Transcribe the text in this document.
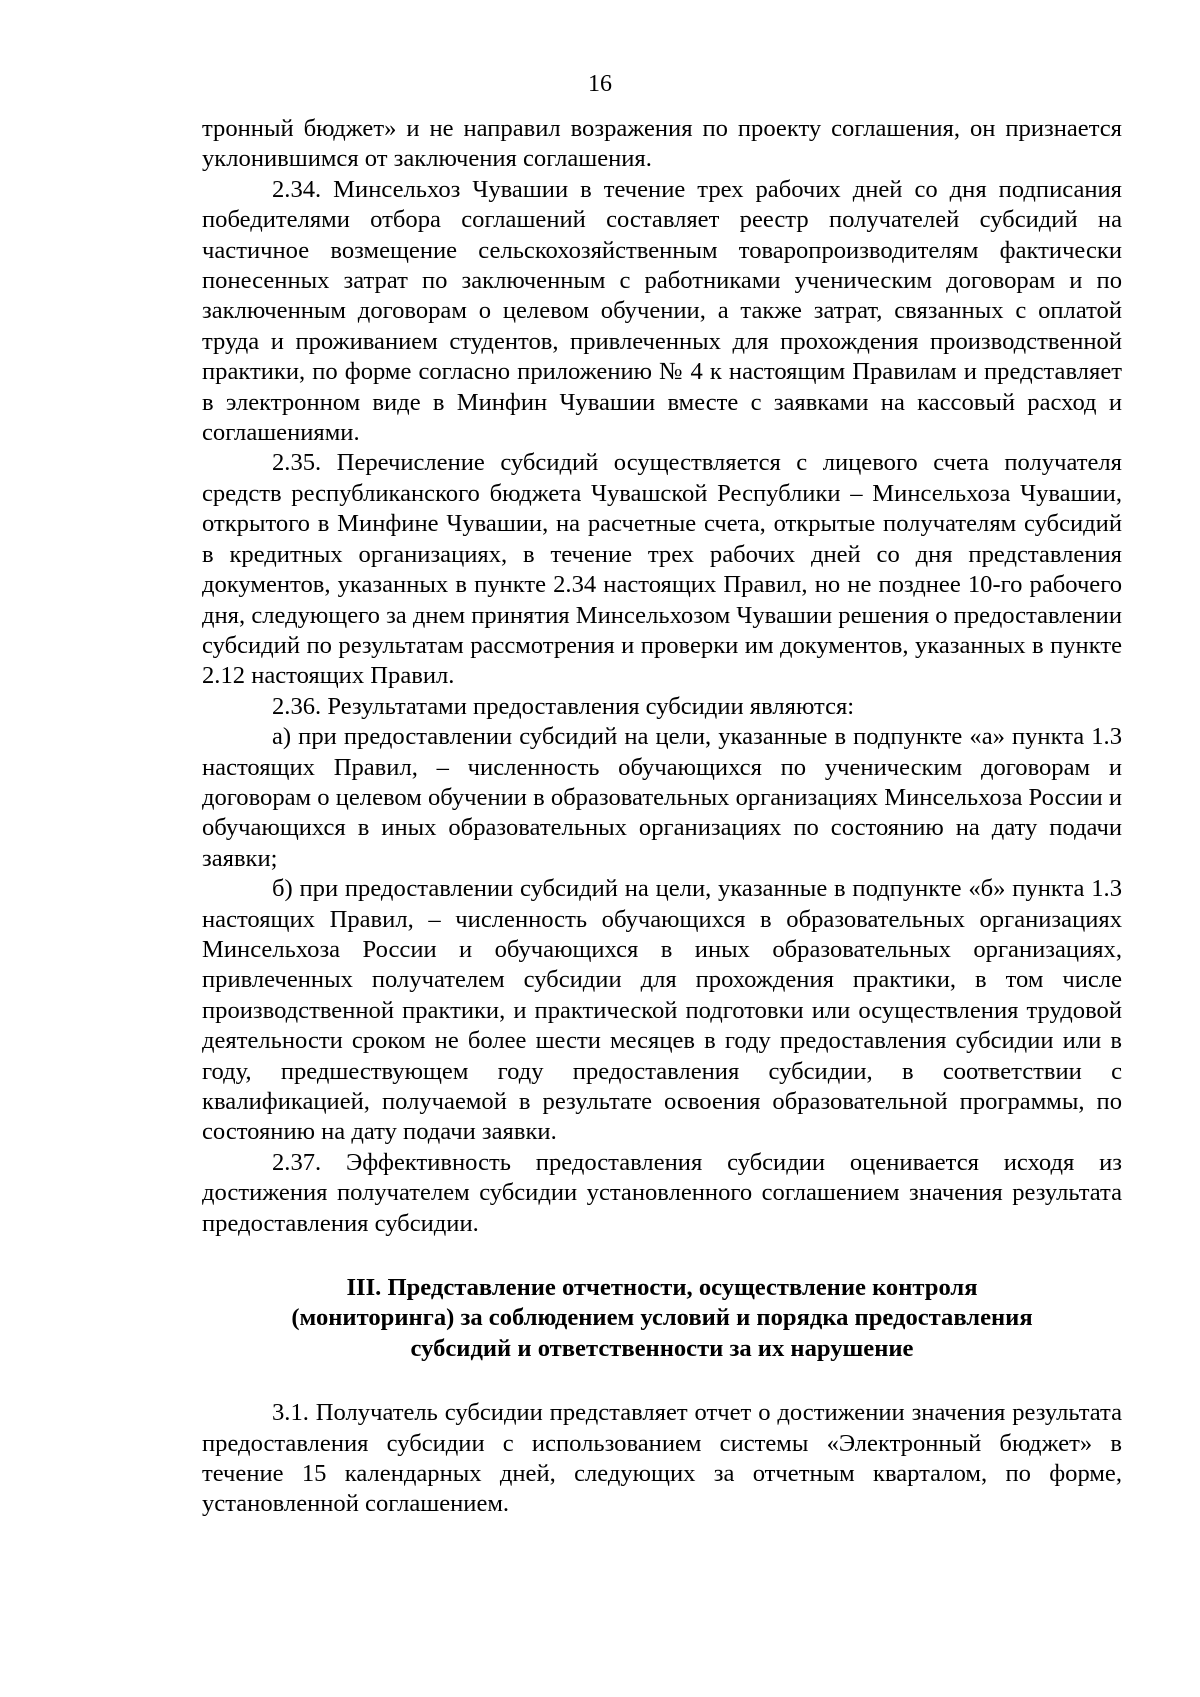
16

тронный бюджет» и не направил возражения по проекту соглашения, он признается уклонившимся от заключения соглашения.

2.34. Минсельхоз Чувашии в течение трех рабочих дней со дня подписания победителями отбора соглашений составляет реестр получателей субсидий на частичное возмещение сельскохозяйственным товаропроизводителям фактически понесенных затрат по заключенным с работниками ученическим договорам и по заключенным договорам о целевом обучении, а также затрат, связанных с оплатой труда и проживанием студентов, привлеченных для прохождения производственной практики, по форме согласно приложению № 4 к настоящим Правилам и представляет в электронном виде в Минфин Чувашии вместе с заявками на кассовый расход и соглашениями.

2.35. Перечисление субсидий осуществляется с лицевого счета получателя средств республиканского бюджета Чувашской Республики – Минсельхоза Чувашии, открытого в Минфине Чувашии, на расчетные счета, открытые получателям субсидий в кредитных организациях, в течение трех рабочих дней со дня представления документов, указанных в пункте 2.34 настоящих Правил, но не позднее 10-го рабочего дня, следующего за днем принятия Минсельхозом Чувашии решения о предоставлении субсидий по результатам рассмотрения и проверки им документов, указанных в пункте 2.12 настоящих Правил.

2.36. Результатами предоставления субсидии являются:

а) при предоставлении субсидий на цели, указанные в подпункте «а» пункта 1.3 настоящих Правил, – численность обучающихся по ученическим договорам и договорам о целевом обучении в образовательных организациях Минсельхоза России и обучающихся в иных образовательных организациях по состоянию на дату подачи заявки;

б) при предоставлении субсидий на цели, указанные в подпункте «б» пункта 1.3 настоящих Правил, – численность обучающихся в образовательных организациях Минсельхоза России и обучающихся в иных образовательных организациях, привлеченных получателем субсидии для прохождения практики, в том числе производственной практики, и практической подготовки или осуществления трудовой деятельности сроком не более шести месяцев в году предоставления субсидии или в году, предшествующем году предоставления субсидии, в соответствии с квалификацией, получаемой в результате освоения образовательной программы, по состоянию на дату подачи заявки.

2.37. Эффективность предоставления субсидии оценивается исходя из достижения получателем субсидии установленного соглашением значения результата предоставления субсидии.

III. Представление отчетности, осуществление контроля
(мониторинга) за соблюдением условий и порядка предоставления
субсидий и ответственности за их нарушение

3.1. Получатель субсидии представляет отчет о достижении значения результата предоставления субсидии с использованием системы «Электронный бюджет» в течение 15 календарных дней, следующих за отчетным кварталом, по форме, установленной соглашением.
